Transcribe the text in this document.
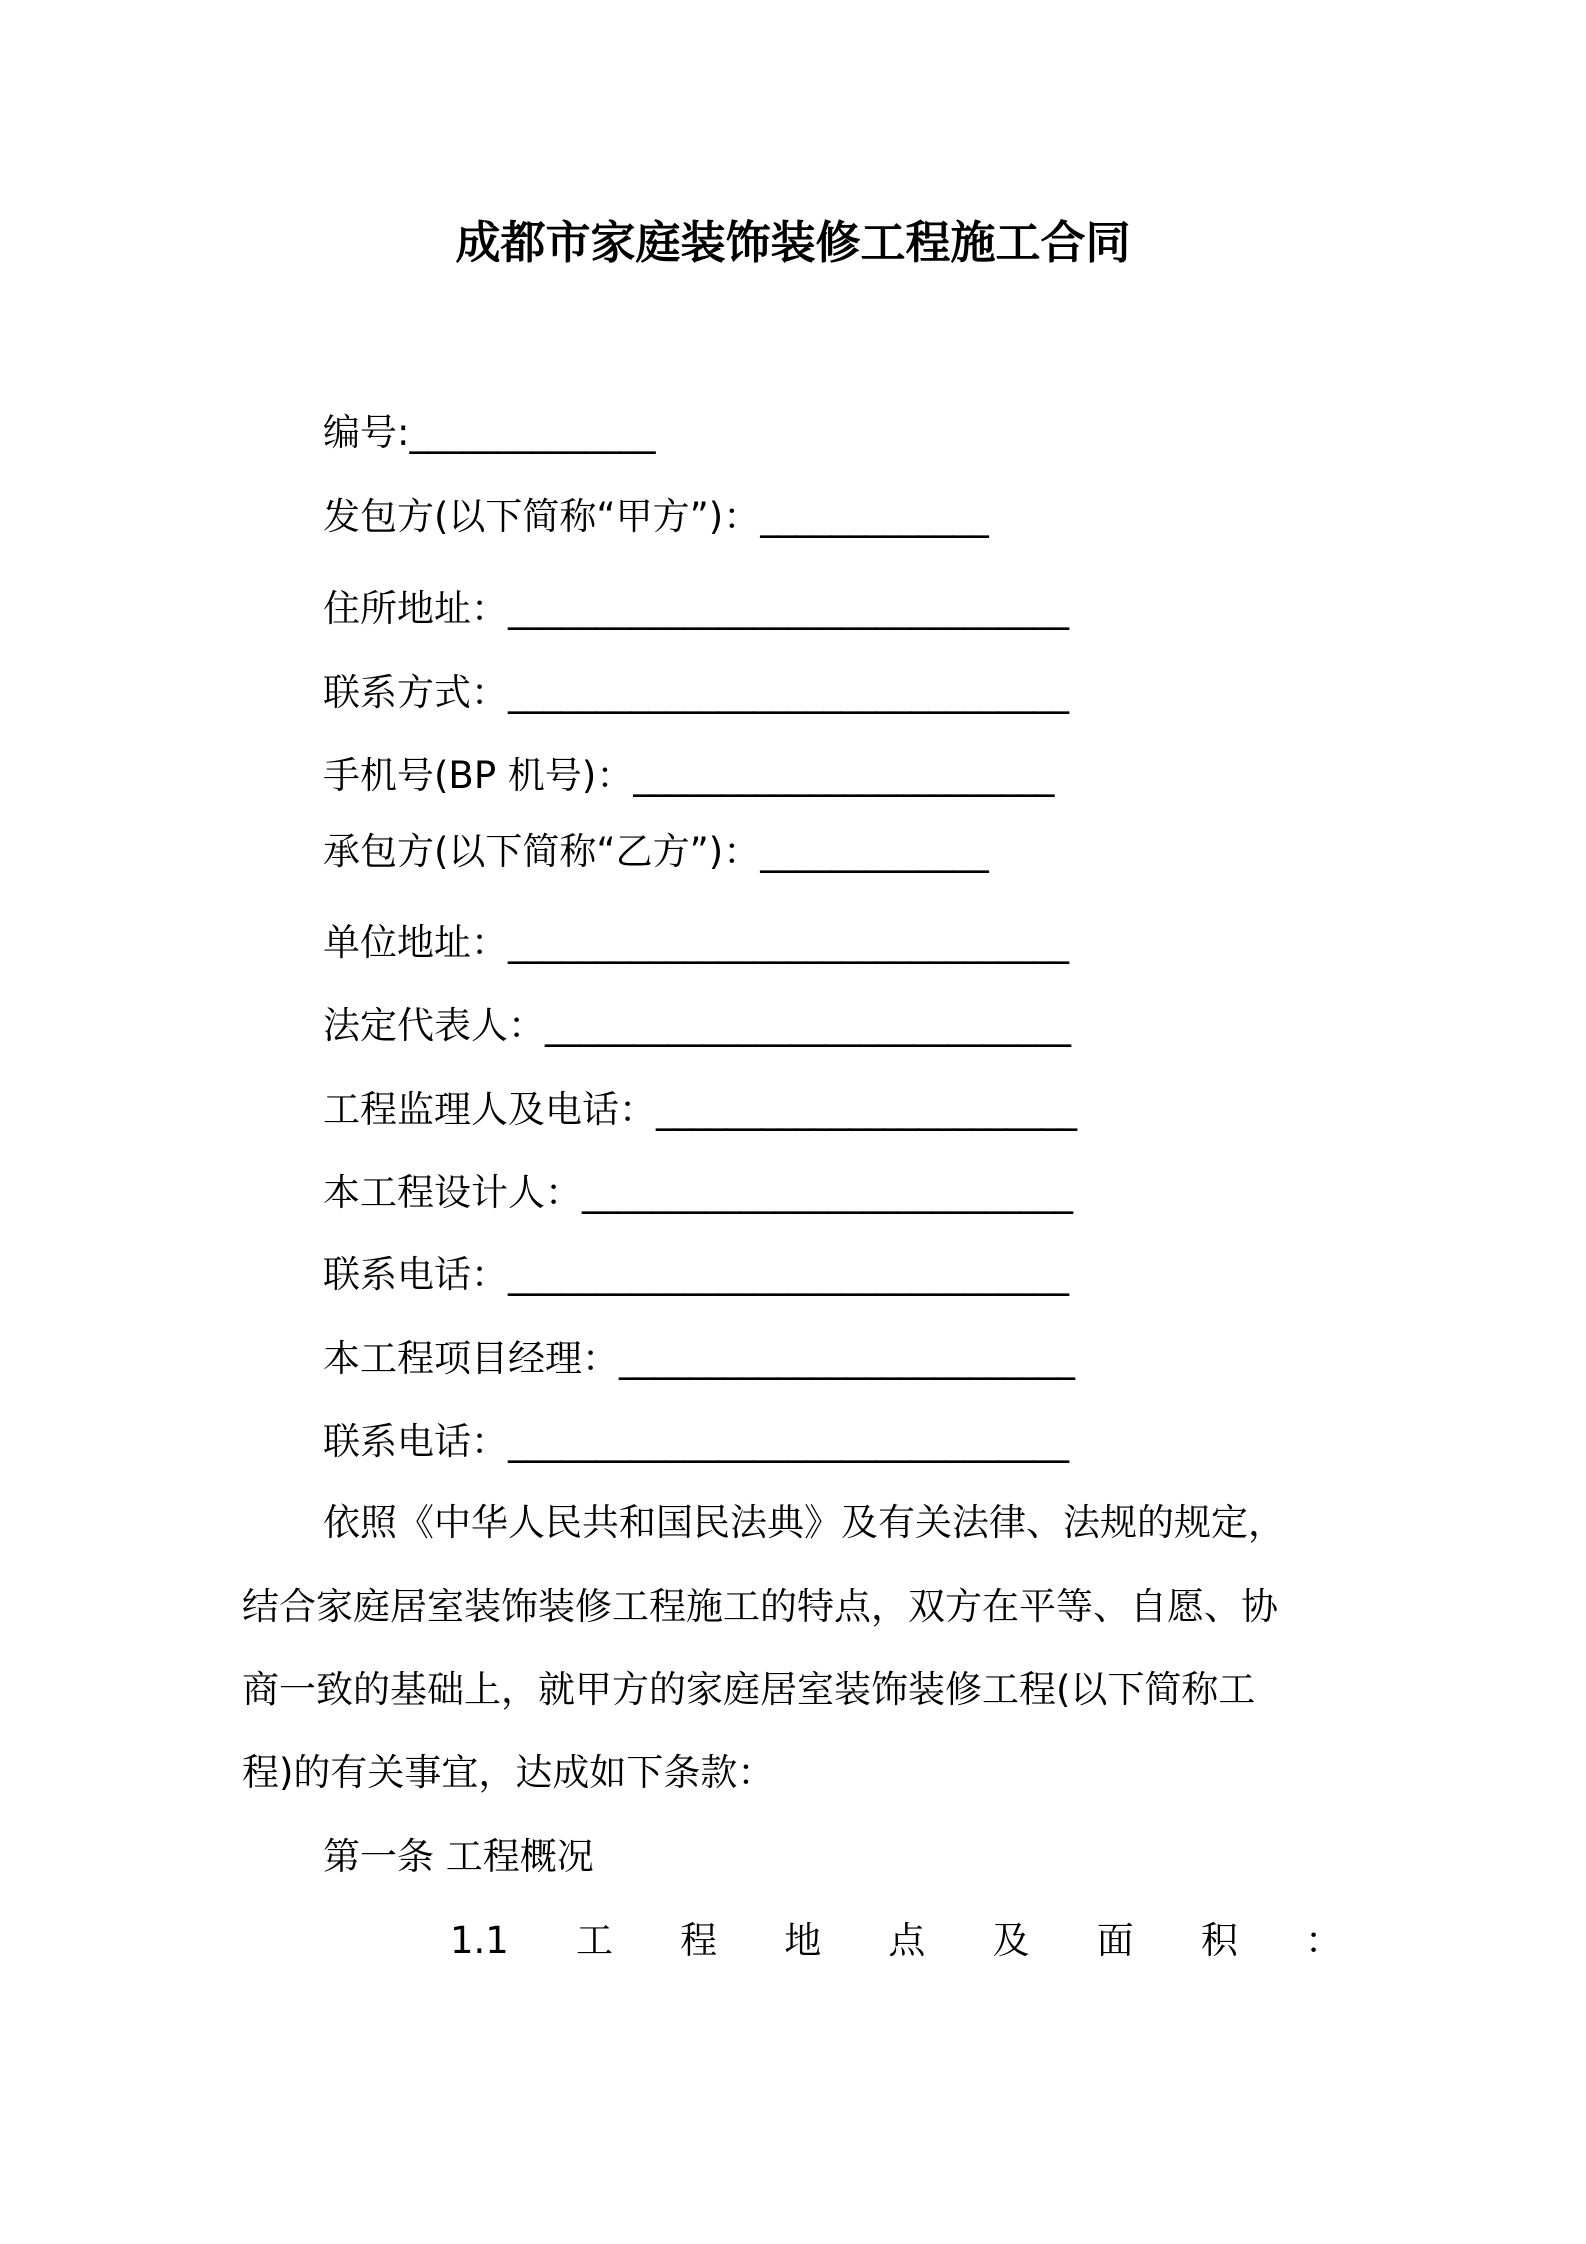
成都市家庭装饰装修工程施工合同
编号:______________
发包方(以下简称“甲方”)：_____________
住所地址：________________________________
联系方式：________________________________
手机号(BP 机号)：________________________
承包方(以下简称“乙方”)：_____________
单位地址：________________________________
法定代表人：______________________________
工程监理人及电话：________________________
本工程设计人：____________________________
联系电话：________________________________
本工程项目经理：__________________________
联系电话：________________________________
依照《中华人民共和国民法典》及有关法律、法规的规定，
结合家庭居室装饰装修工程施工的特点，双方在平等、自愿、协
商一致的基础上，就甲方的家庭居室装饰装修工程(以下简称工
程)的有关事宜，达成如下条款：
第一条 工程概况
1.1 工 程 地 点 及 面 积 ：
